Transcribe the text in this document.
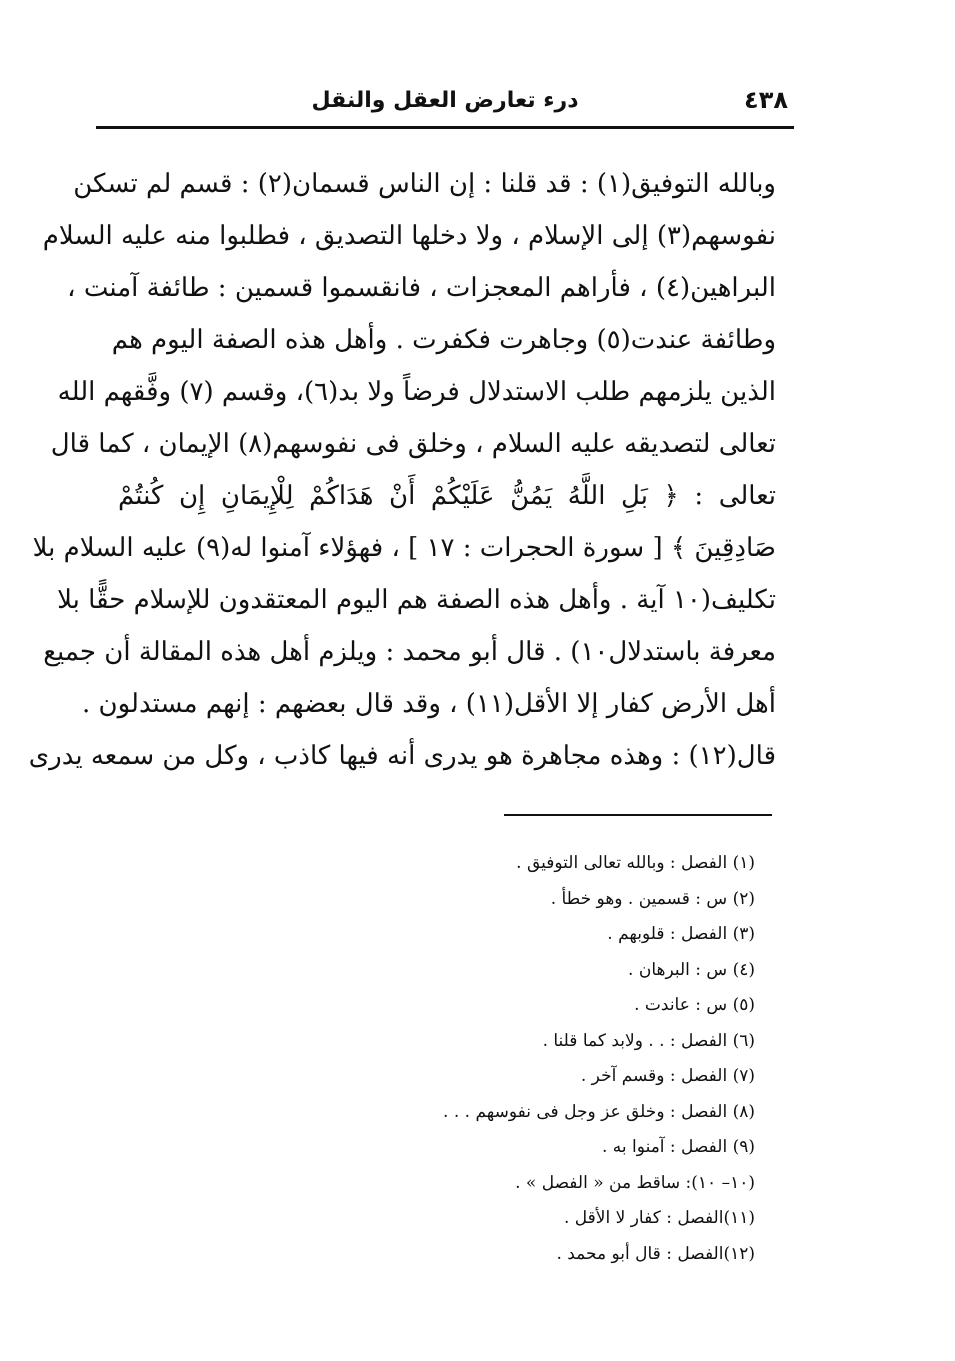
٤٣٨
درء تعارض العقل والنقل
وبالله التوفيق(١) : قد قلنا : إن الناس قسمان(٢) : قسم لم تسكن
نفوسهم(٣) إلى الإسلام ، ولا دخلها التصديق ، فطلبوا منه عليه السلام
البراهين(٤) ، فأراهم المعجزات ، فانقسموا قسمين : طائفة آمنت ،
وطائفة عندت(٥) وجاهرت فكفرت . وأهل هذه الصفة اليوم هم
الذين يلزمهم طلب الاستدلال فرضاً ولا بد(٦)، وقسم (٧) وفَّقهم الله
تعالى لتصديقه عليه السلام ، وخلق فى نفوسهم(٨) الإيمان ، كما قال
تعالى : ﴿ بَلِ اللَّهُ يَمُنُّ عَلَيْكُمْ أَنْ هَدَاكُمْ لِلْإِيمَانِ إِن كُنتُمْ
صَادِقِينَ ﴾ [ سورة الحجرات : ١٧ ] ، فهؤلاء آمنوا له(٩) عليه السلام بلا
تكليف(١٠ آية . وأهل هذه الصفة هم اليوم المعتقدون للإسلام حقًّا بلا
معرفة باستدلال١٠) . قال أبو محمد : ويلزم أهل هذه المقالة أن جميع
أهل الأرض كفار إلا الأقل(١١) ، وقد قال بعضهم : إنهم مستدلون .
قال(١٢) : وهذه مجاهرة هو يدرى أنه فيها كاذب ، وكل من سمعه يدرى
(١) الفصل : وبالله تعالى التوفيق .
(٢) س : قسمين . وهو خطأ .
(٣) الفصل : قلوبهم .
(٤) س : البرهان .
(٥) س : عاندت .
(٦) الفصل : . . ولابد كما قلنا .
(٧) الفصل : وقسم آخر .
(٨) الفصل : وخلق عز وجل فى نفوسهم . . .
(٩) الفصل : آمنوا به .
(١٠– ١٠): ساقط من « الفصل » .
(١١)الفصل : كفار لا الأقل .
(١٢)الفصل : قال أبو محمد .
